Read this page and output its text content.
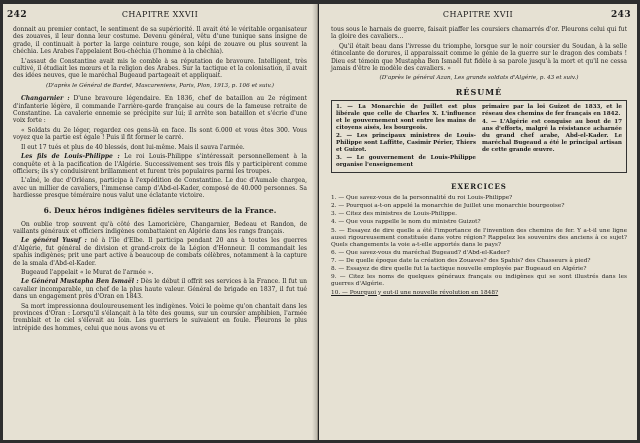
242	CHAPITRE XXVII

donnait au premier contact, le sentiment de sa supériorité. Il avait été le véritable organisateur des zouaves, il leur donna leur costume. Devenu général, vêtu d'une tunique sans insigne de grade, il continuait à porter la large ceinture rouge, son képi de zouave ou plus souvent la chéchia. Les Arabes l'appelaient Bou-chéchia (l'homme à la chéchia).

L'assaut de Constantine avait mis le comble à sa réputation de bravoure. Intelligent, très cultivé, il étudiait les mœurs et la religion des Arabes. Sur la tactique et la colonisation, il avait des idées neuves, que le maréchal Bugeaud partageait et appliquait.

(D'après le Général de Bardel, Mascareniens, Paris, Plon, 1913, p. 106 et suiv.)

Changarnier : D'une bravoure légendaire. En 1836, chef de bataillon au 2e régiment d'infanterie légère, il commande l'arrière-garde française au cours de la fameuse retraite de Constantine. La cavalerie ennemie se précipite sur lui; il arrête son bataillon et s'écrie d'une voix forte :

« Soldats du 2e léger, regardez ces gens-là en face. Ils sont 6.000 et vous êtes 300. Vous voyez que la partie est égale ! Puis il fit former le carré.

Il eut 17 tués et plus de 40 blessés, dont lui-même. Mais il sauva l'armée.

Les fils de Louis-Philippe : Le roi Louis-Philippe s'intéressait personnellement à la conquête et à la pacification de l'Algérie. Successivement ses trois fils y participèrent comme officiers; ils s'y conduisirent brillamment et furent très populaires parmi les troupes.

L'aîné, le duc d'Orléans, participa à l'expédition de Constantine. Le duc d'Aumale chargea, avec un millier de cavaliers, l'immense camp d'Abd-el-Kader, composé de 40.000 personnes. Sa hardiesse presque téméraire nous valut une éclatante victoire.

6. Deux héros indigènes fidèles serviteurs de la France.

On oublie trop souvent qu'à côté des Lamoricière, Changarnier, Bedeau et Randon, de vaillants généraux et officiers indigènes combattaient en Algérie dans les rangs français.

Le général Yusuf : né à l'île d'Elbe. Il participa pendant 20 ans à toutes les guerres d'Algérie, fut général de division et grand-croix de la Légion d'Honneur. Il commandait les spahis indigènes; prit une part active à beaucoup de combats célèbres, notamment à la capture de la smala d'Abd-el-Kader.

Bugeaud l'appelait « le Murat de l'armée ».

Le Général Mustapha Ben Ismaël : Dès le début il offrit ses services à la France. Il fut un cavalier incomparable, un chef de la plus haute valeur. Général de brigade en 1837, il fut tué dans un engagement près d'Oran en 1843.

Sa mort impressionna douloureusement les indigènes. Voici le poème qu'on chantait dans les provinces d'Oran : Lorsqu'il s'élançait à la tête des goums, sur un coursier amphibien, l'armée tremblait et le ciel s'élevait au loin. Les guerriers le suivaient en foule. Pleurons le plus intrépide des hommes, celui que nous avons vu et

CHAPITRE XVII	243

tous sous le harnais de guerre, faisait piaffer les coursiers chamarrés d'or. Pleurons celui qui fut la gloire des cavaliers...

Qu'il était beau dans l'ivresse du triomphe, lorsque sur le noir coursier du Soudan, à la selle étincelante de dorures, il apparaissait comme le génie de la guerre sur le dragon des combats ! Dieu est témoin que Mustapha Ben Ismaël fut fidèle à sa parole jusqu'à la mort et qu'il ne cessa jamais d'être le modèle des cavaliers. »

(D'après le général Azan, Les grands soldats d'Algérie, p. 43 et suiv.)
RÉSUMÉ

1. — La Monarchie de Juillet est plus libérale que celle de Charles X. L'influence et le gouvernement sont entre les mains de citoyens aisés, les bourgeois.

2. — Les principaux ministres de Louis-Philippe sont Laffitte, Casimir Périer, Thiers et Guizot.

3. — Le gouvernement de Louis-Philippe organise l'enseignement

primaire par la loi Guizot de 1833, et le réseau des chemins de fer français en 1842.

4. — L'Algérie est conquise au bout de 17 ans d'efforts, malgré la résistance acharnée du grand chef arabe, Abd-el-Kader. Le maréchal Bugeaud a été le principal artisan de cette grande œuvre.

EXERCICES
1. — Que savez-vous de la personnalité du roi Louis-Philippe?
2. — Pourquoi a-t-on appelé la monarchie de Juillet une monarchie bourgeoise?
3. — Citez des ministres de Louis-Philippe.
4. — Que vous rappelle le nom du ministre Guizot?
5. — Essayez de dire quelle a été l'importance de l'invention des chemins de fer. Y a-t-il une ligne aussi rigoureusement constituée dans votre région? Rappelez les souvenirs des anciens à ce sujet? Quels changements la voie a-t-elle apportés dans le pays?
6. — Que savez-vous du maréchal Bugeaud? d'Abd-el-Kader?
7. — De quelle époque date la création des Zouaves? des Spahis? des Chasseurs à pied?
8. — Essayez de dire quelle fut la tactique nouvelle employée par Bugeaud en Algérie?
9. — Citez les noms de quelques généraux français ou indigènes qui se sont illustrés dans les guerres d'Algérie.
10. — Pourquoi y eut-il une nouvelle révolution en 1848?
